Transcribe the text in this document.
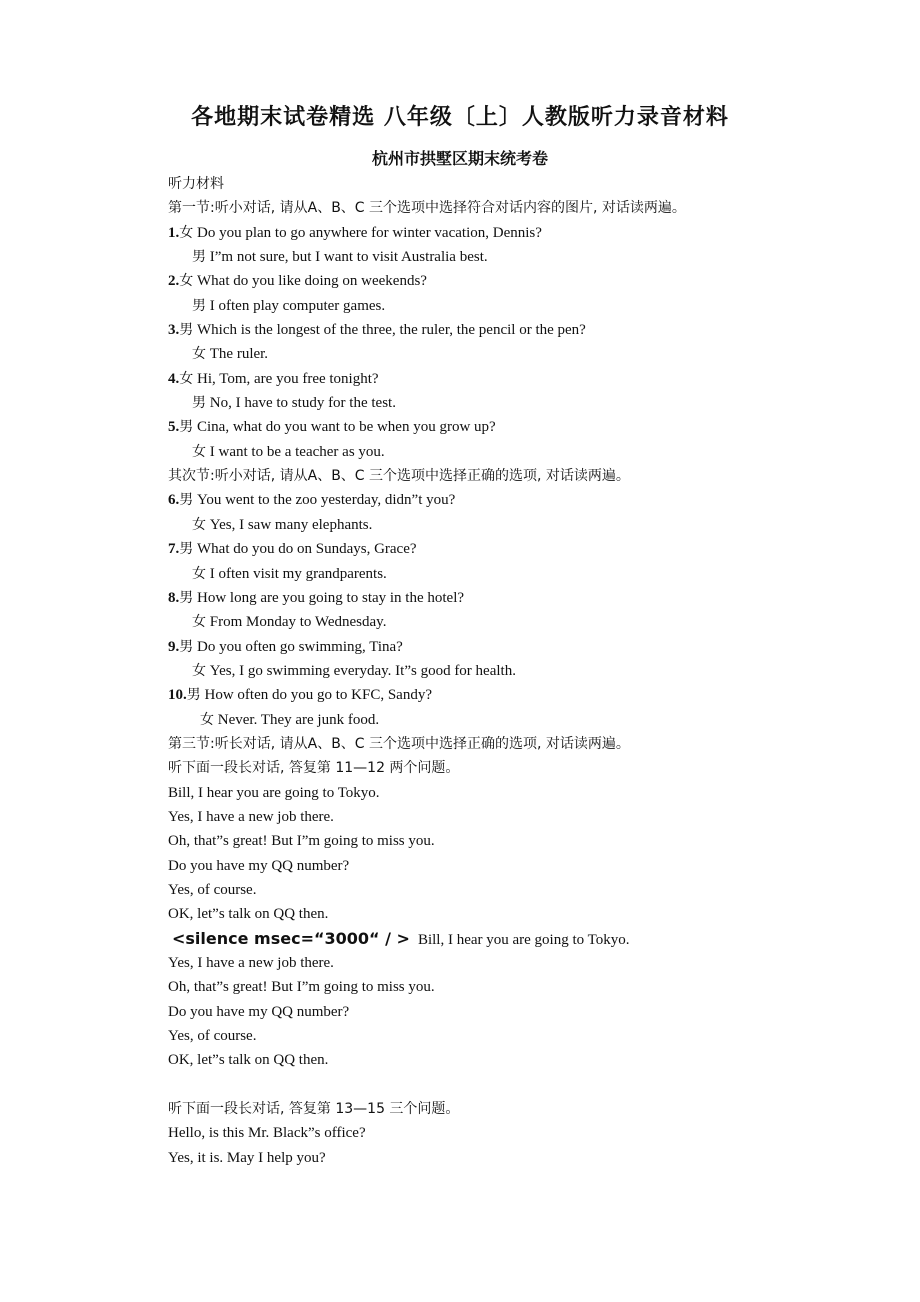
各地期末试卷精选 八年级〔上〕人教版听力录音材料
杭州市拱墅区期末统考卷
听力材料
第一节:听小对话, 请从A、B、C 三个选项中选择符合对话内容的图片, 对话读两遍。
1.女 Do you plan to go anywhere for winter vacation, Dennis?
男 I”m not sure, but I want to visit Australia best.
2.女 What do you like doing on weekends?
男 I often play computer games.
3.男 Which is the longest of the three, the ruler, the pencil or the pen?
女 The ruler.
4.女 Hi, Tom, are you free tonight?
男 No, I have to study for the test.
5.男 Cina, what do you want to be when you grow up?
女 I want to be a teacher as you.
其次节:听小对话, 请从A、B、C 三个选项中选择正确的选项, 对话读两遍。
6.男 You went to the zoo yesterday, didn”t you?
女 Yes, I saw many elephants.
7.男 What do you do on Sundays, Grace?
女 I often visit my grandparents.
8.男 How long are you going to stay in the hotel?
女 From Monday to Wednesday.
9.男 Do you often go swimming, Tina?
女 Yes, I go swimming everyday. It”s good for health.
10.男 How often do you go to KFC, Sandy?
女 Never. They are junk food.
第三节:听长对话, 请从A、B、C 三个选项中选择正确的选项, 对话读两遍。
听下面一段长对话, 答复第 11—12 两个问题。
Bill, I hear you are going to Tokyo.
Yes, I have a new job there.
Oh, that”s great! But I”m going to miss you.
Do you have my QQ number?
Yes, of course.
OK, let”s talk on QQ then.
<silence msec=“3000“ / > Bill, I hear you are going to Tokyo.
Yes, I have a new job there.
Oh, that”s great! But I”m going to miss you.
Do you have my QQ number?
Yes, of course.
OK, let”s talk on QQ then.
听下面一段长对话, 答复第 13—15 三个问题。
Hello, is this Mr. Black”s office?
Yes, it is. May I help you?
